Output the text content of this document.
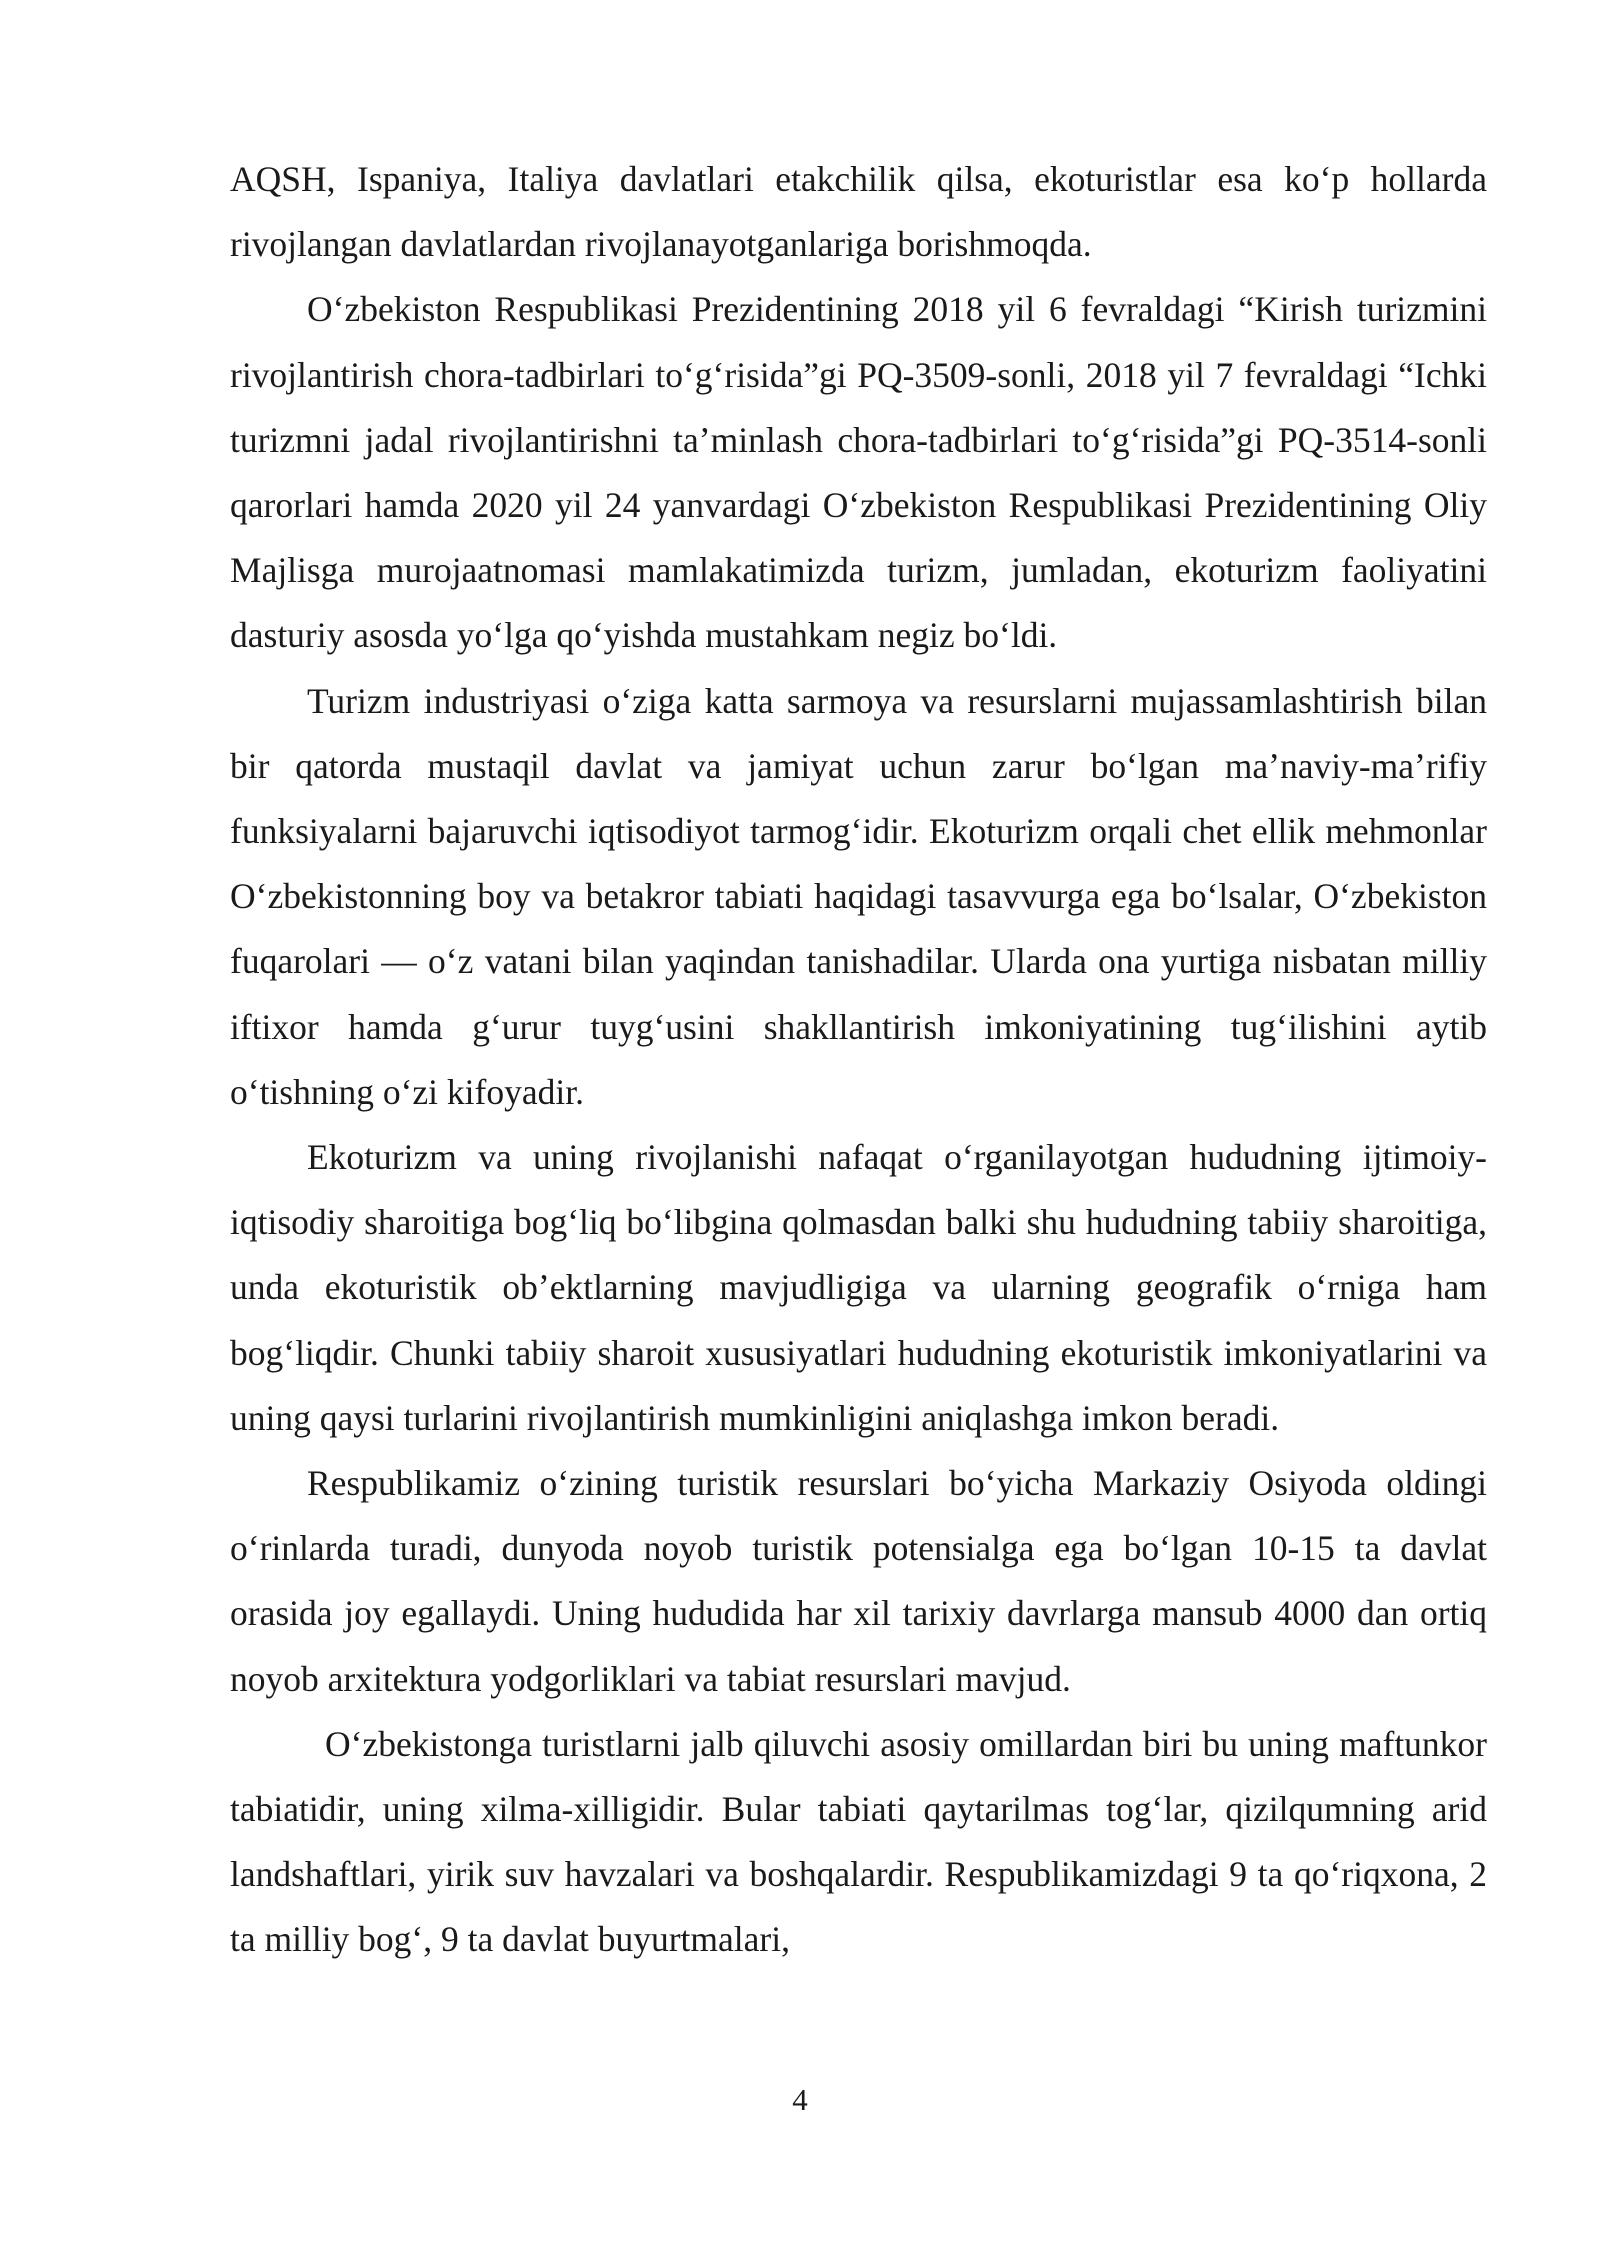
AQSH, Ispaniya, Italiya davlatlari etakchilik qilsa, ekoturistlar esa koʻp hollarda rivojlangan davlatlardan rivojlanayotganlariga borishmoqda.

Oʻzbekiston Respublikasi Prezidentining 2018 yil 6 fevraldagi “Kirish turizmini rivojlantirish chora-tadbirlari toʻgʻrisida”gi PQ-3509-sonli, 2018 yil 7 fevraldagi “Ichki turizmni jadal rivojlantirishni taʼminlash chora-tadbirlari toʻgʻrisida”gi PQ-3514-sonli qarorlari hamda 2020 yil 24 yanvardagi Oʻzbekiston Respublikasi Prezidentining Oliy Majlisga murojaatnomasi mamlakatimizda turizm, jumladan, ekoturizm faoliyatini dasturiy asosda yoʻlga qoʻyishda mustahkam negiz boʻldi.

Turizm industriyasi oʻziga katta sarmoya va resurslarni mujassamlashtirish bilan bir qatorda mustaqil davlat va jamiyat uchun zarur boʻlgan maʼnaviy-maʼrifiy funksiyalarni bajaruvchi iqtisodiyot tarmogʻidir. Ekoturizm orqali chet ellik mehmonlar Oʻzbekistonning boy va betakror tabiati haqidagi tasavvurga ega boʻlsalar, Oʻzbekiston fuqarolari — oʻz vatani bilan yaqindan tanishadilar. Ularda ona yurtiga nisbatan milliy iftixor hamda gʻurur tuygʻusini shakllantirish imkoniyatining tugʻilishini aytib oʻtishning oʻzi kifoyadir.

Ekoturizm va uning rivojlanishi nafaqat oʻrganilayotgan hududning ijtimoiy-iqtisodiy sharoitiga bogʻliq boʻlibgina qolmasdan balki shu hududning tabiiy sharoitiga, unda ekoturistik obʼektlarning mavjudligiga va ularning geografik oʻrniga ham bogʻliqdir. Chunki tabiiy sharoit xususiyatlari hududning ekoturistik imkoniyatlarini va uning qaysi turlarini rivojlantirish mumkinligini aniqlashga imkon beradi.

Respublikamiz oʻzining turistik resurslari boʻyicha Markaziy Osiyoda oldingi oʻrinlarda turadi, dunyoda noyob turistik potensialga ega boʻlgan 10-15 ta davlat orasida joy egallaydi. Uning hududida har xil tarixiy davrlarga mansub 4000 dan ortiq noyob arxitektura yodgorliklari va tabiat resurslari mavjud.

Oʻzbekistonga turistlarni jalb qiluvchi asosiy omillardan biri bu uning maftunkor tabiatidir, uning xilma-xilligidir. Bular tabiati qaytarilmas togʻlar, qizilqumning arid landshaftlari, yirik suv havzalari va boshqalardir. Respublikamizdagi 9 ta qoʻriqxona, 2 ta milliy bogʻ, 9 ta davlat buyurtmalari,

4
